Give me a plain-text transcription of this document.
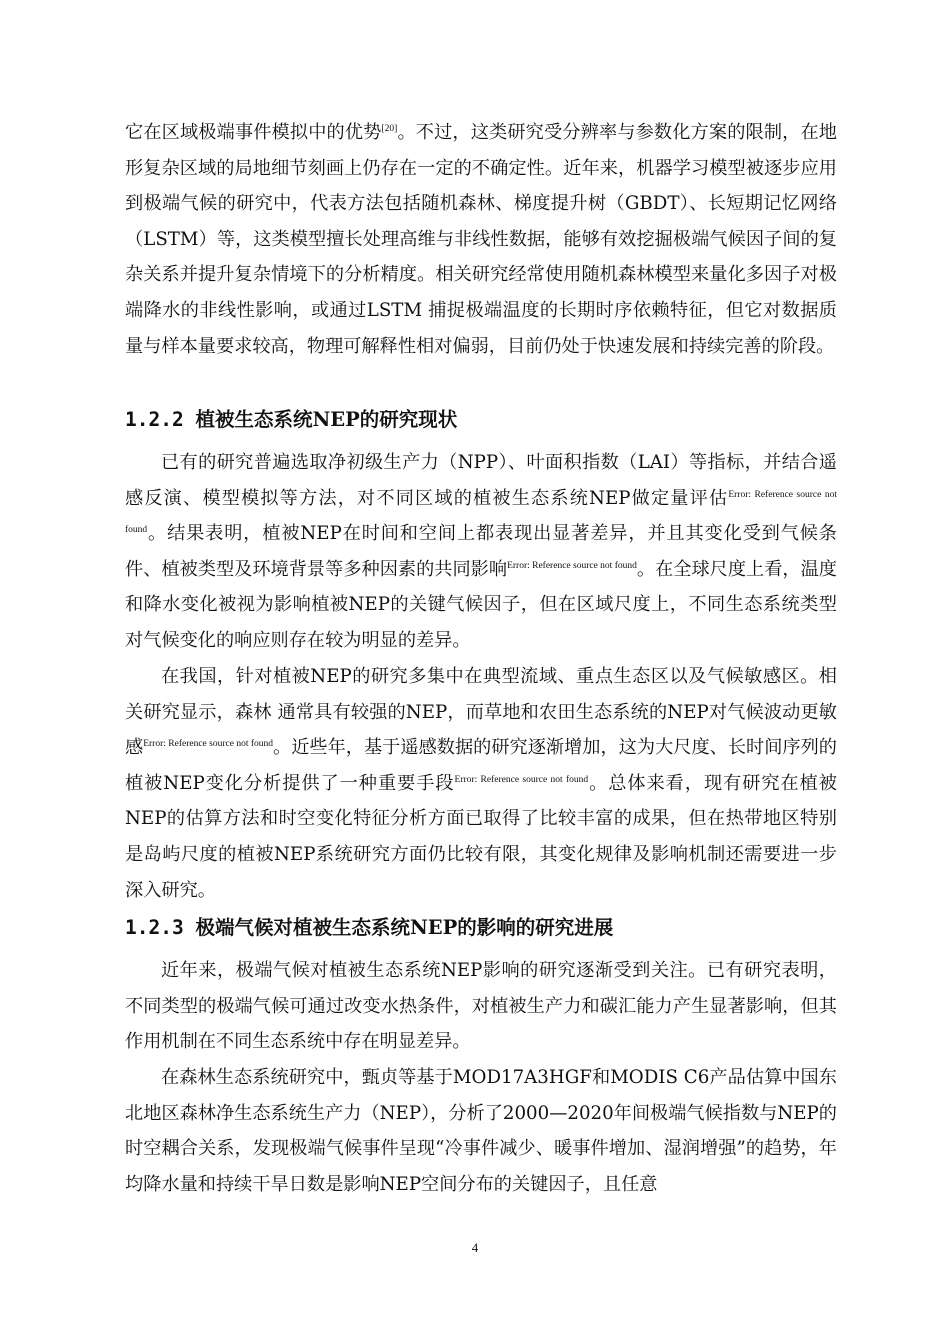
它在区域极端事件模拟中的优势[20]。不过，这类研究受分辨率与参数化方案的限制，在地形复杂区域的局地细节刻画上仍存在一定的不确定性。近年来，机器学习模型被逐步应用到极端气候的研究中，代表方法包括随机森林、梯度提升树（GBDT）、长短期记忆网络（LSTM）等，这类模型擅长处理高维与非线性数据，能够有效挖掘极端气候因子间的复杂关系并提升复杂情境下的分析精度。相关研究经常使用随机森林模型来量化多因子对极端降水的非线性影响，或通过LSTM 捕捉极端温度的长期时序依赖特征，但它对数据质量与样本量要求较高，物理可解释性相对偏弱，目前仍处于快速发展和持续完善的阶段。

1.2.2 植被生态系统NEP的研究现状

已有的研究普遍选取净初级生产力（NPP）、叶面积指数（LAI）等指标，并结合遥感反演、模型模拟等方法，对不同区域的植被生态系统NEP做定量评估$^{Error: Reference source not found}$。结果表明，植被NEP在时间和空间上都表现出显著差异，并且其变化受到气候条件、植被类型及环境背景等多种因素的共同影响$^{Error: Reference source not found}$。在全球尺度上看，温度和降水变化被视为影响植被NEP的关键气候因子，但在区域尺度上，不同生态系统类型对气候变化的响应则存在较为明显的差异。

在我国，针对植被NEP的研究多集中在典型流域、重点生态区以及气候敏感区。相关研究显示，森林 通常具有较强的NEP，而草地和农田生态系统的NEP对气候波动更敏感$^{Error: Reference source not found}$。近些年，基于遥感数据的研究逐渐增加，这为大尺度、长时间序列的植被NEP变化分析提供了一种重要手段$^{Error: Reference source not found}$。总体来看，现有研究在植被NEP的估算方法和时空变化特征分析方面已取得了比较丰富的成果，但在热带地区特别是岛屿尺度的植被NEP系统研究方面仍比较有限，其变化规律及影响机制还需要进一步深入研究。

1.2.3 极端气候对植被生态系统NEP的影响的研究进展

近年来，极端气候对植被生态系统NEP影响的研究逐渐受到关注。已有研究表明，不同类型的极端气候可通过改变水热条件，对植被生产力和碳汇能力产生显著影响，但其作用机制在不同生态系统中存在明显差异。

在森林生态系统研究中，甄贞等基于MOD17A3HGF和MODIS C6产品估算中国东北地区森林净生态系统生产力（NEP），分析了2000—2020年间极端气候指数与NEP的时空耦合关系，发现极端气候事件呈现“冷事件减少、暖事件增加、湿润增强”的趋势，年均降水量和持续干旱日数是影响NEP空间分布的关键因子，且任意

4
